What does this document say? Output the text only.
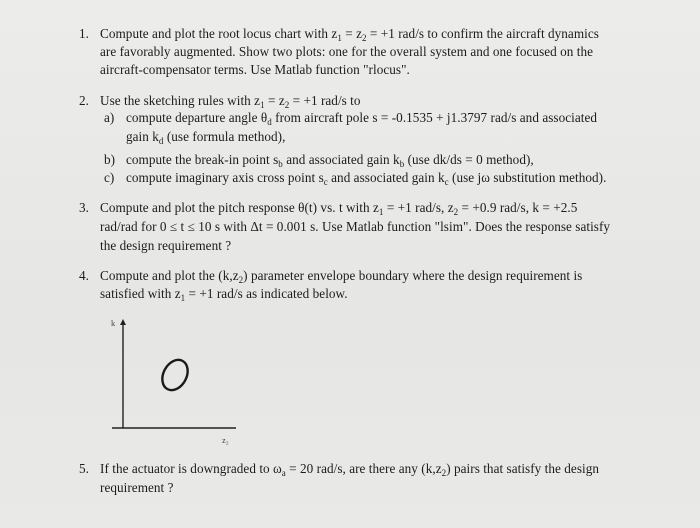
1. Compute and plot the root locus chart with $z_1 = z_2 = +1$ rad/s to confirm the aircraft dynamics
are favorably augmented. Show two plots: one for the overall system and one focused on the
aircraft-compensator terms. Use Matlab function "rlocus".
2. Use the sketching rules with $z_1 = z_2 = +1$ rad/s to
a) compute departure angle $\theta_d$ from aircraft pole s = -0.1535 + j1.3797 rad/s and associated
gain $k_d$ (use formula method),
b) compute the break-in point $s_b$ and associated gain $k_b$ (use dk/ds = 0 method),
c) compute imaginary axis cross point $s_c$ and associated gain $k_c$ (use jω substitution method).
3. Compute and plot the pitch response θ(t) vs. t with $z_1 = +1$ rad/s, $z_2 = +0.9$ rad/s, k = +2.5
rad/rad for 0 ≤ t ≤ 10 s with Δt = 0.001 s. Use Matlab function "lsim". Does the response satisfy
the design requirement ?
4. Compute and plot the $(k,z_2)$ parameter envelope boundary where the design requirement is
satisfied with $z_1 = +1$ rad/s as indicated below.
k
z₂
5. If the actuator is downgraded to $\omega_a = 20$ rad/s, are there any $(k,z_2)$ pairs that satisfy the design
requirement ?
